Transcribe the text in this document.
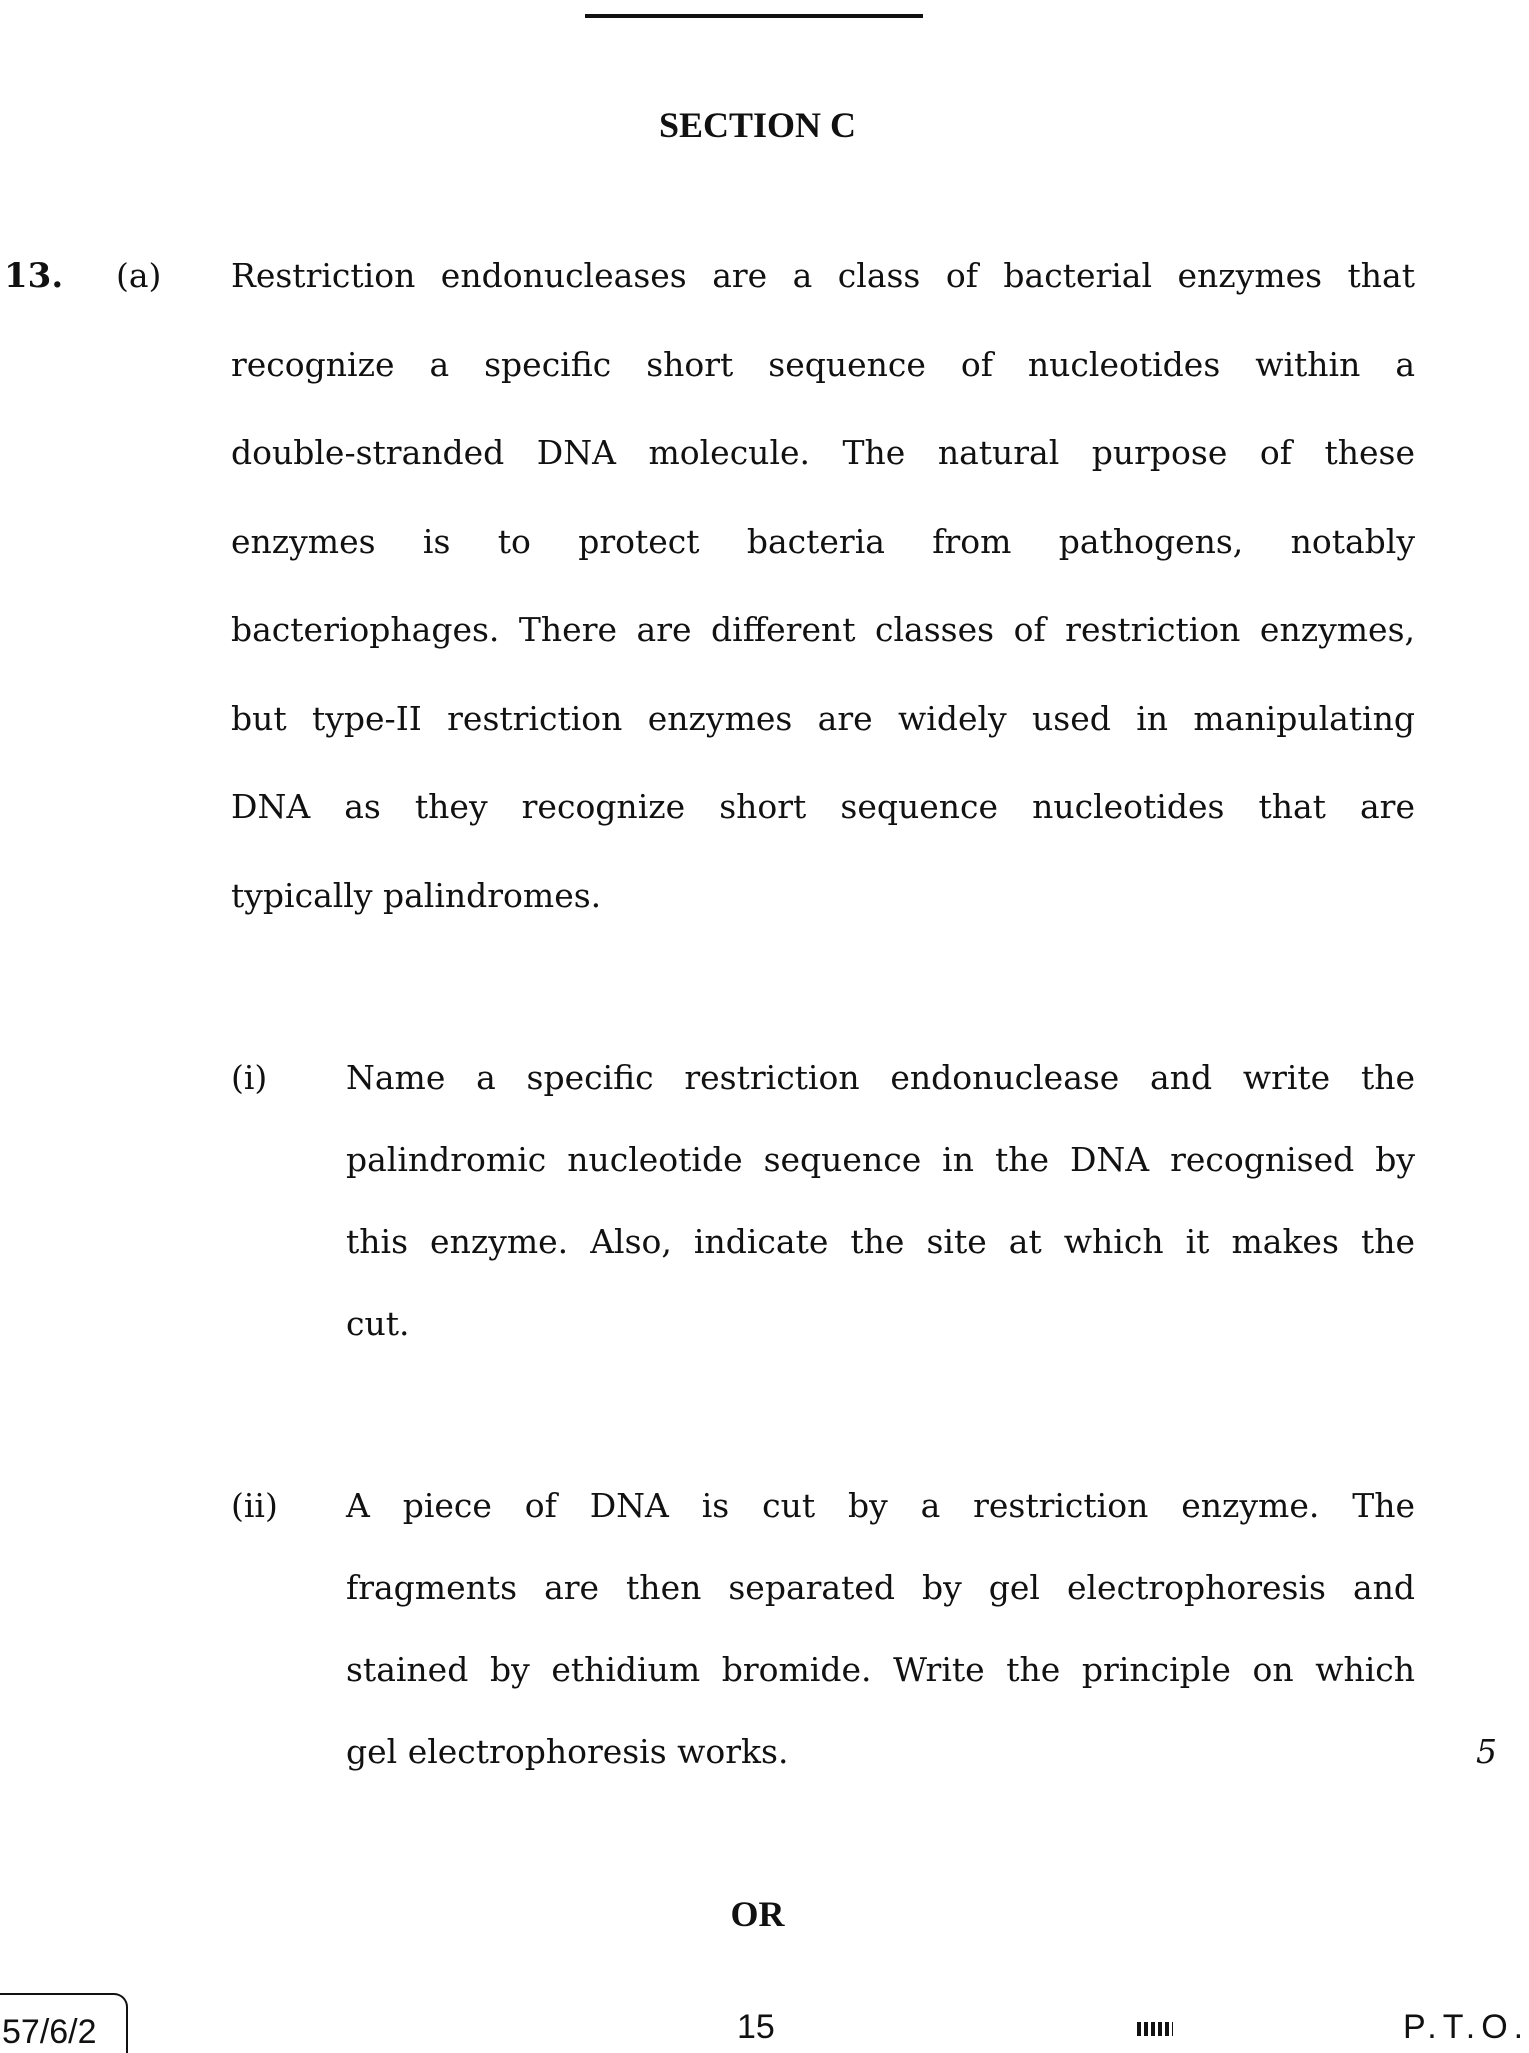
SECTION C
13. (a) Restriction endonucleases are a class of bacterial enzymes that
recognize a specific short sequence of nucleotides within a
double-stranded DNA molecule. The natural purpose of these
enzymes is to protect bacteria from pathogens, notably
bacteriophages. There are different classes of restriction enzymes,
but type-II restriction enzymes are widely used in manipulating
DNA as they recognize short sequence nucleotides that are
typically palindromes.
(i) Name a specific restriction endonuclease and write the
palindromic nucleotide sequence in the DNA recognised by
this enzyme. Also, indicate the site at which it makes the
cut.
(ii) A piece of DNA is cut by a restriction enzyme. The
fragments are then separated by gel electrophoresis and
stained by ethidium bromide. Write the principle on which
gel electrophoresis works.	5
OR
57/6/2	15	P.T.O.
